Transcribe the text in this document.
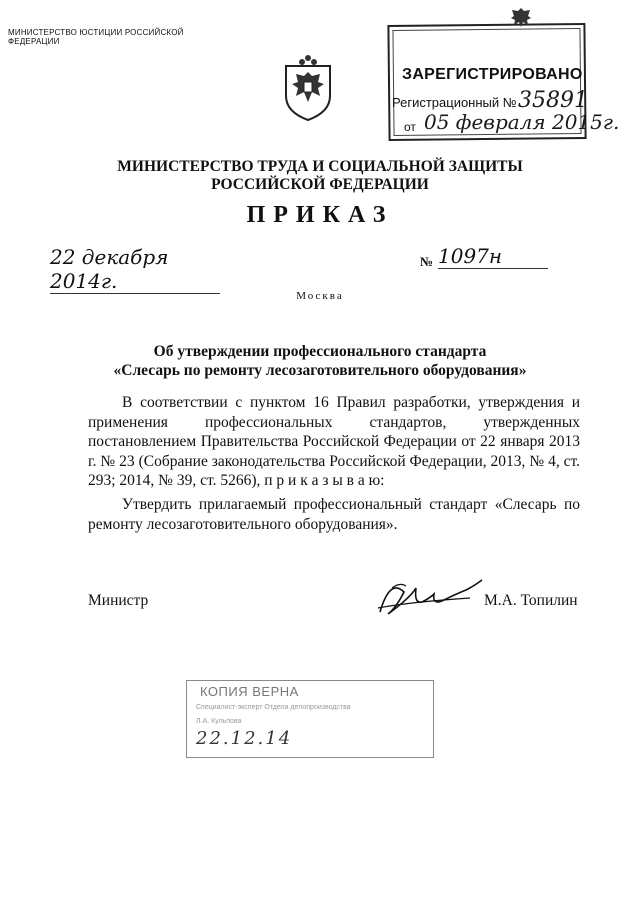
МИНИСТЕРСТВО ЮСТИЦИИ РОССИЙСКОЙ ФЕДЕРАЦИИ
ЗАРЕГИСТРИРОВАНО
Регистрационный № 35891
от 05 февраля 2015г.
МИНИСТЕРСТВО ТРУДА И СОЦИАЛЬНОЙ ЗАЩИТЫ
РОССИЙСКОЙ ФЕДЕРАЦИИ
ПРИКАЗ
22 декабря 2014г.
№ 1097н
Москва
Об утверждении профессионального стандарта
«Слесарь по ремонту лесозаготовительного оборудования»
В соответствии с пунктом 16 Правил разработки, утверждения и применения профессиональных стандартов, утвержденных постановлением Правительства Российской Федерации от 22 января 2013 г. № 23 (Собрание законодательства Российской Федерации, 2013, № 4, ст. 293; 2014, № 39, ст. 5266), п р и к а з ы в а ю:
Утвердить прилагаемый профессиональный стандарт «Слесарь по ремонту лесозаготовительного оборудования».
Министр	М.А. Топилин
КОПИЯ ВЕРНА
Специалист-эксперт Отдела делопроизводства
Л.А. Кульпова
22.12.14
